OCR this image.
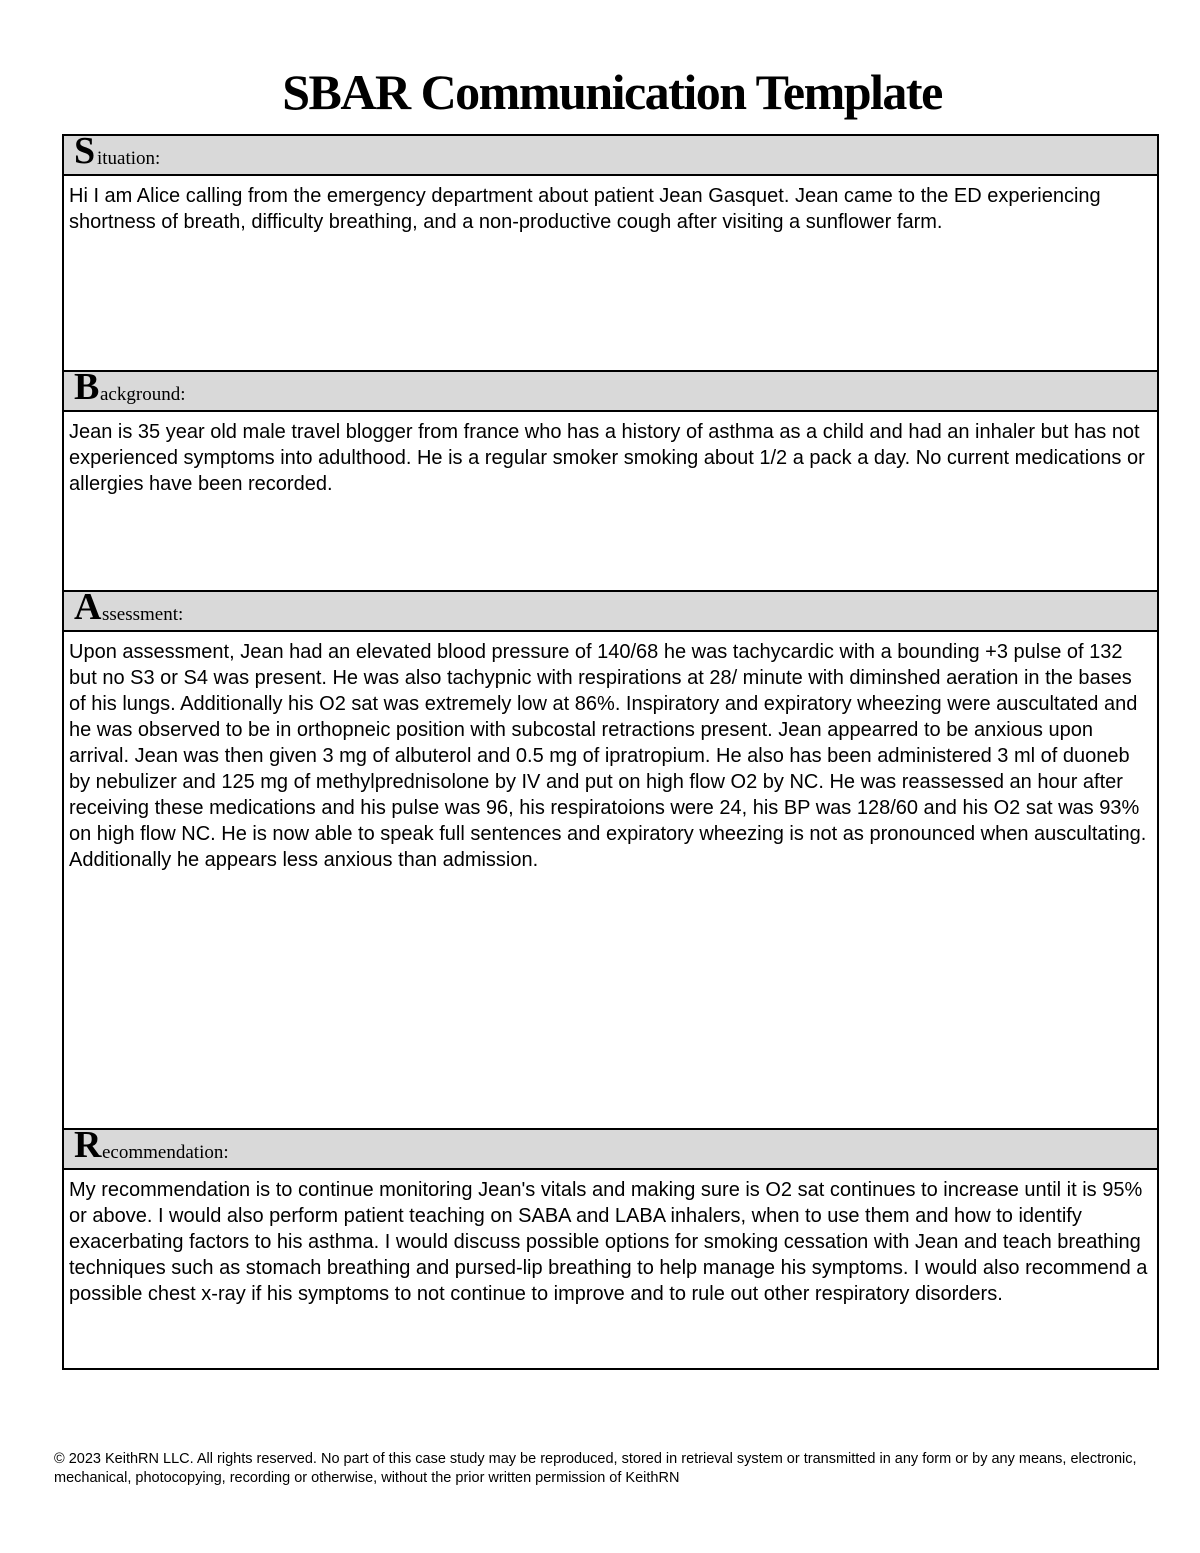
SBAR Communication Template
S ituation:
Hi I am Alice calling from the emergency department about patient Jean Gasquet. Jean came to the ED experiencing shortness of breath, difficulty breathing, and a non-productive cough after visiting a sunflower farm.
B ackground:
Jean is 35 year old male travel blogger from france who has a history of asthma as a child and had an inhaler but has not experienced symptoms into adulthood. He is a regular smoker smoking about 1/2 a pack a day. No current medications or allergies have been recorded.
A ssessment:
Upon assessment, Jean had an elevated blood pressure of 140/68 he was tachycardic with a bounding +3 pulse of 132 but no S3 or S4 was present. He was also tachypnic with respirations at 28/ minute with diminshed aeration in the bases of his lungs. Additionally his O2 sat was extremely low at 86%. Inspiratory and expiratory wheezing were auscultated and he was observed to be in orthopneic position with subcostal retractions present. Jean appearred to be anxious upon arrival. Jean was then given 3 mg of albuterol and 0.5 mg of ipratropium. He also has been administered 3 ml of duoneb by nebulizer and 125 mg of methylprednisolone by IV and put on high flow O2 by NC. He was reassessed an hour after receiving these medications and his pulse was 96, his respiratoions were 24, his BP was 128/60 and his O2 sat was 93% on high flow NC. He is now able to speak full sentences and expiratory wheezing is not as pronounced when auscultating. Additionally he appears less anxious than admission.
R ecommendation:
My recommendation is to continue monitoring Jean's vitals and making sure is O2 sat continues to increase until it is 95% or above. I would also perform patient teaching on SABA and LABA inhalers, when to use them and how to identify exacerbating factors to his asthma. I would discuss possible options for smoking cessation with Jean and teach breathing techniques such as stomach breathing and pursed-lip breathing to help manage his symptoms. I would also recommend a possible chest x-ray if his symptoms to not continue to improve and to rule out other respiratory disorders.
© 2023 KeithRN LLC. All rights reserved. No part of this case study may be reproduced, stored in retrieval system or transmitted in any form or by any means, electronic, mechanical, photocopying, recording or otherwise, without the prior written permission of KeithRN
